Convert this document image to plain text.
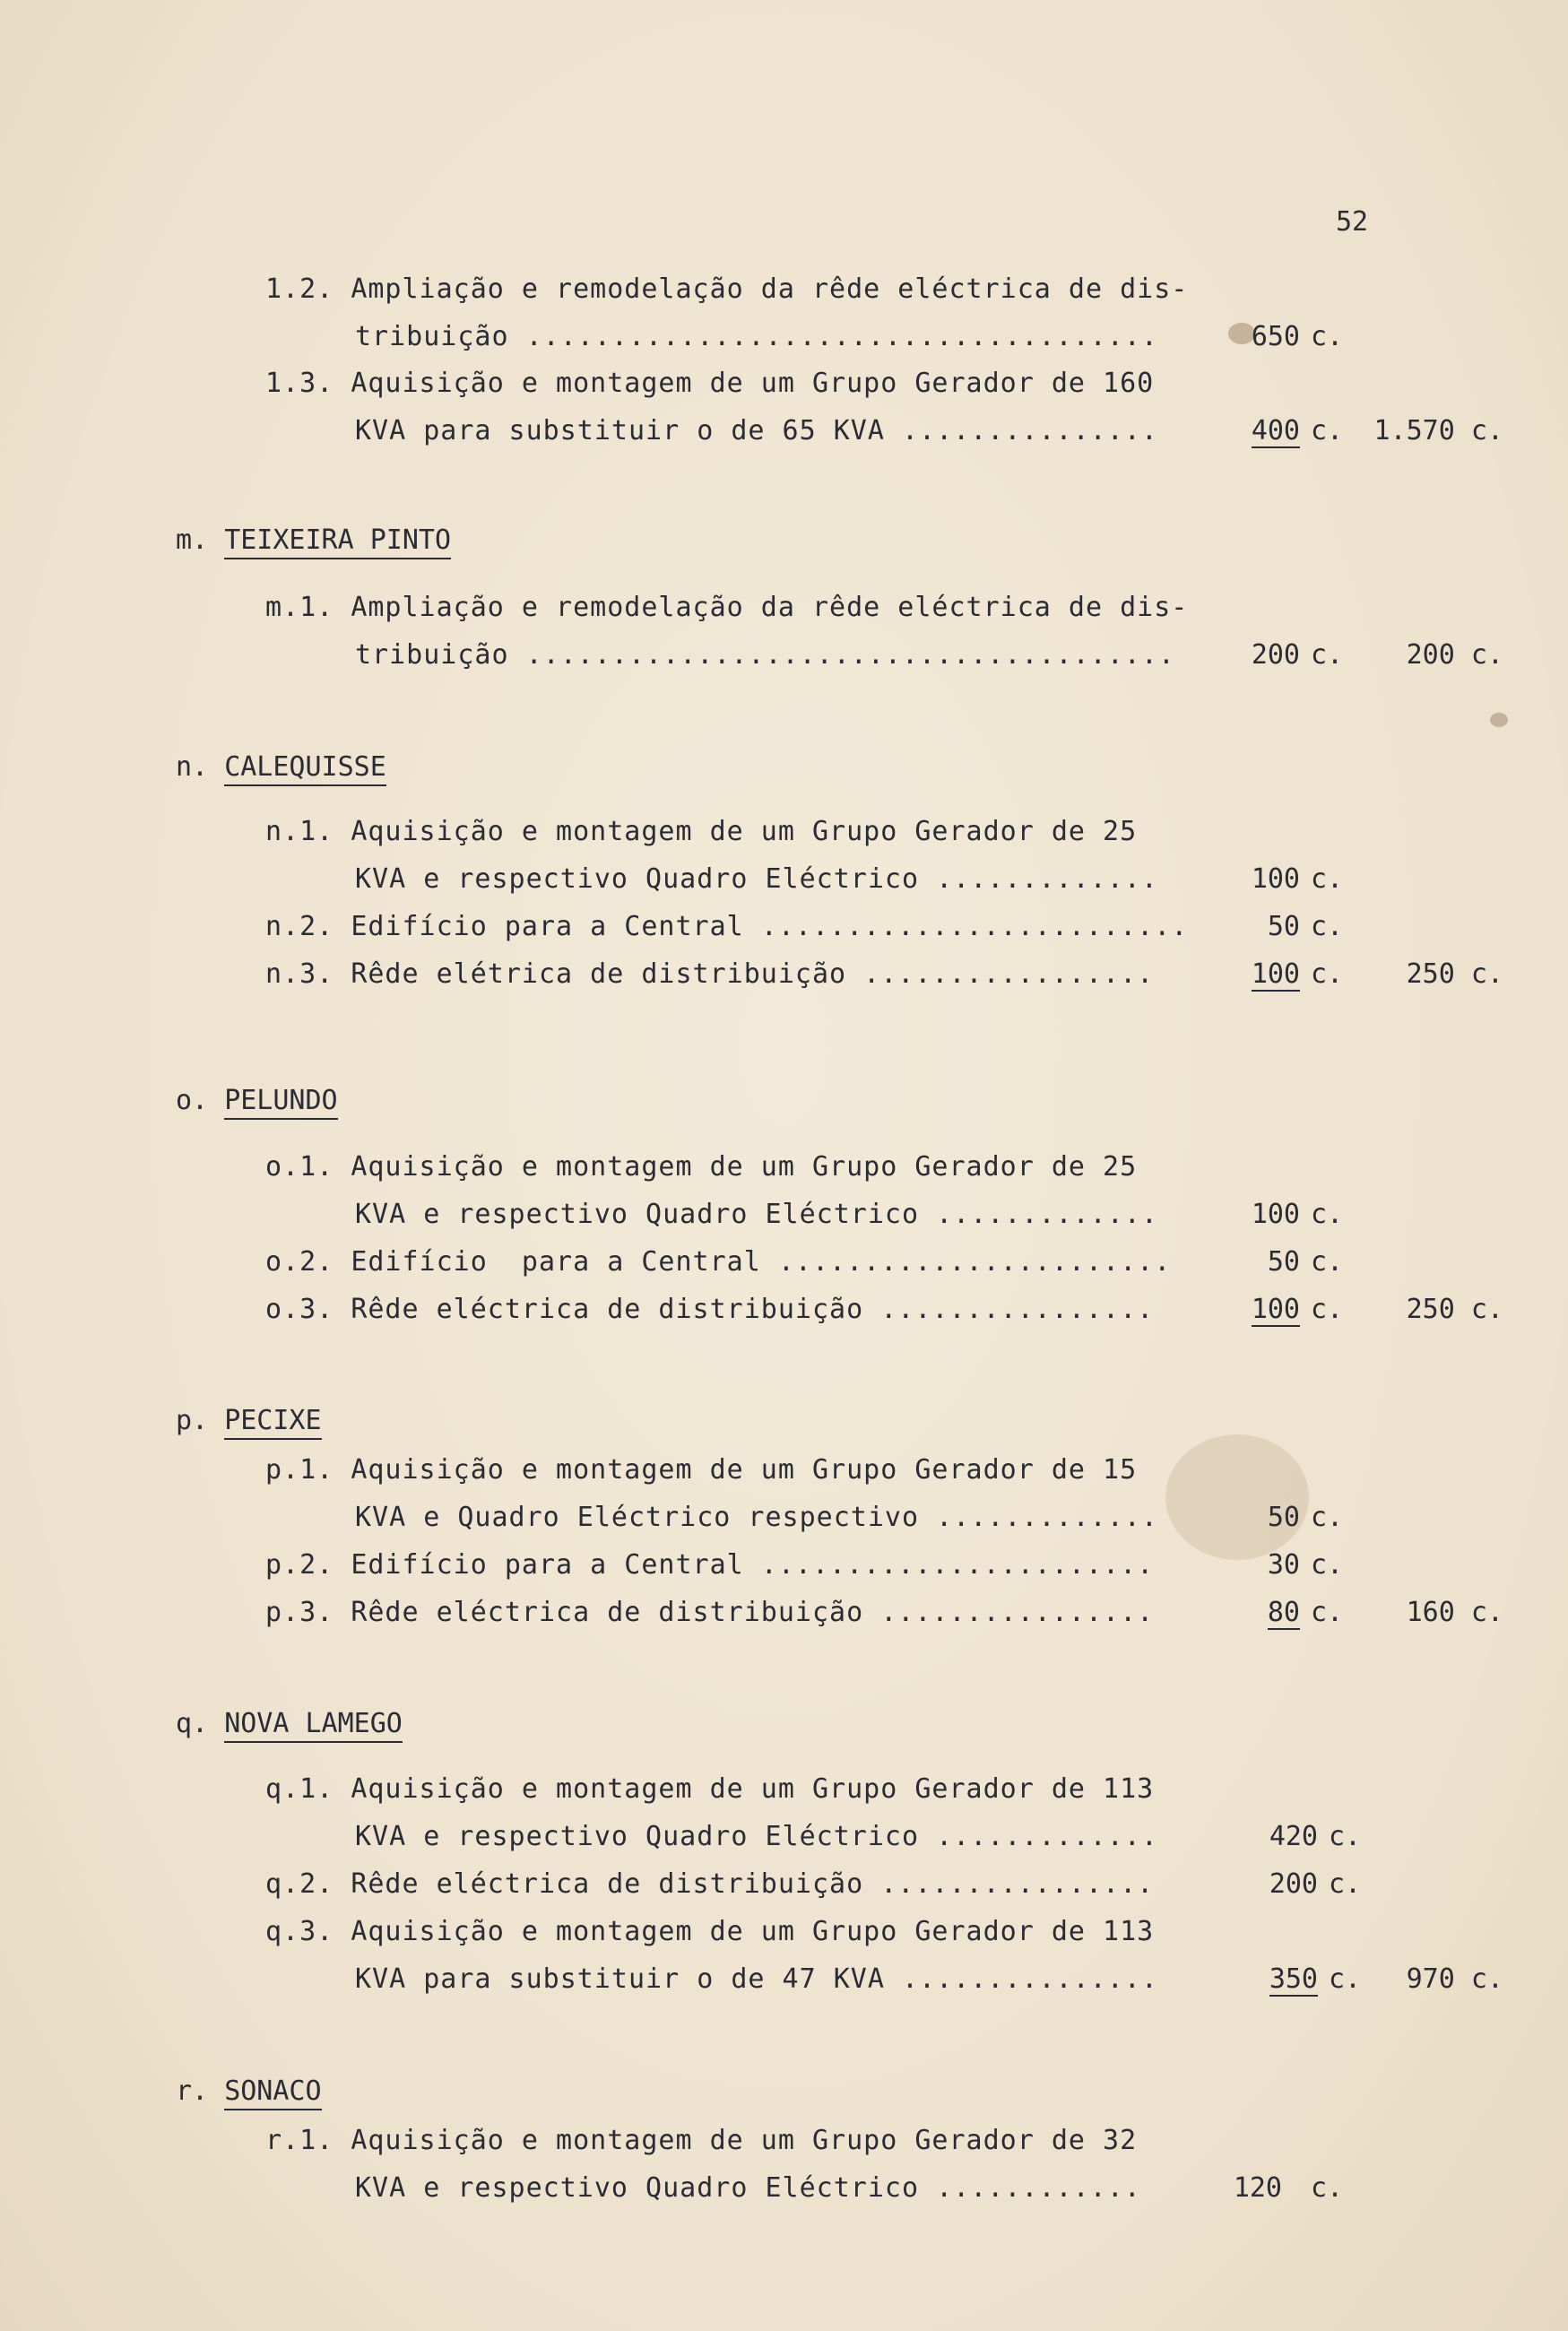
52
1.2. Ampliação e remodelação da rêde eléctrica de dis-
tribuição .....................................	650 c.
1.3. Aquisição e montagem de um Grupo Gerador de 160
KVA para substituir o de 65 KVA ...............	400 c. 1.570 c.
m. TEIXEIRA PINTO
m.1. Ampliação e remodelação da rêde eléctrica de dis-
tribuição ......................................	200 c.	200 c.
n. CALEQUISSE
n.1. Aquisição e montagem de um Grupo Gerador de 25
KVA e respectivo Quadro Eléctrico .............	100 c.
n.2. Edifício para a Central .........................	50 c.
n.3. Rêde elétrica de distribuição .................	100 c.	250 c.
o. PELUNDO
o.1. Aquisição e montagem de um Grupo Gerador de 25
KVA e respectivo Quadro Eléctrico .............	100 c.
o.2. Edifício  para a Central .......................	50 c.
o.3. Rêde eléctrica de distribuição ................	100 c.	250 c.
p. PECIXE
p.1. Aquisição e montagem de um Grupo Gerador de 15
KVA e Quadro Eléctrico respectivo .............	50 c.
p.2. Edifício para a Central .......................	30 c.
p.3. Rêde eléctrica de distribuição ................	80 c.	160 c.
q. NOVA LAMEGO
q.1. Aquisição e montagem de um Grupo Gerador de 113
KVA e respectivo Quadro Eléctrico .............	420 c.
q.2. Rêde eléctrica de distribuição ................	200 c.
q.3. Aquisição e montagem de um Grupo Gerador de 113
KVA para substituir o de 47 KVA ...............	350 c.	970 c.
r. SONACO
r.1. Aquisição e montagem de um Grupo Gerador de 32
KVA e respectivo Quadro Eléctrico ............	120 c.
